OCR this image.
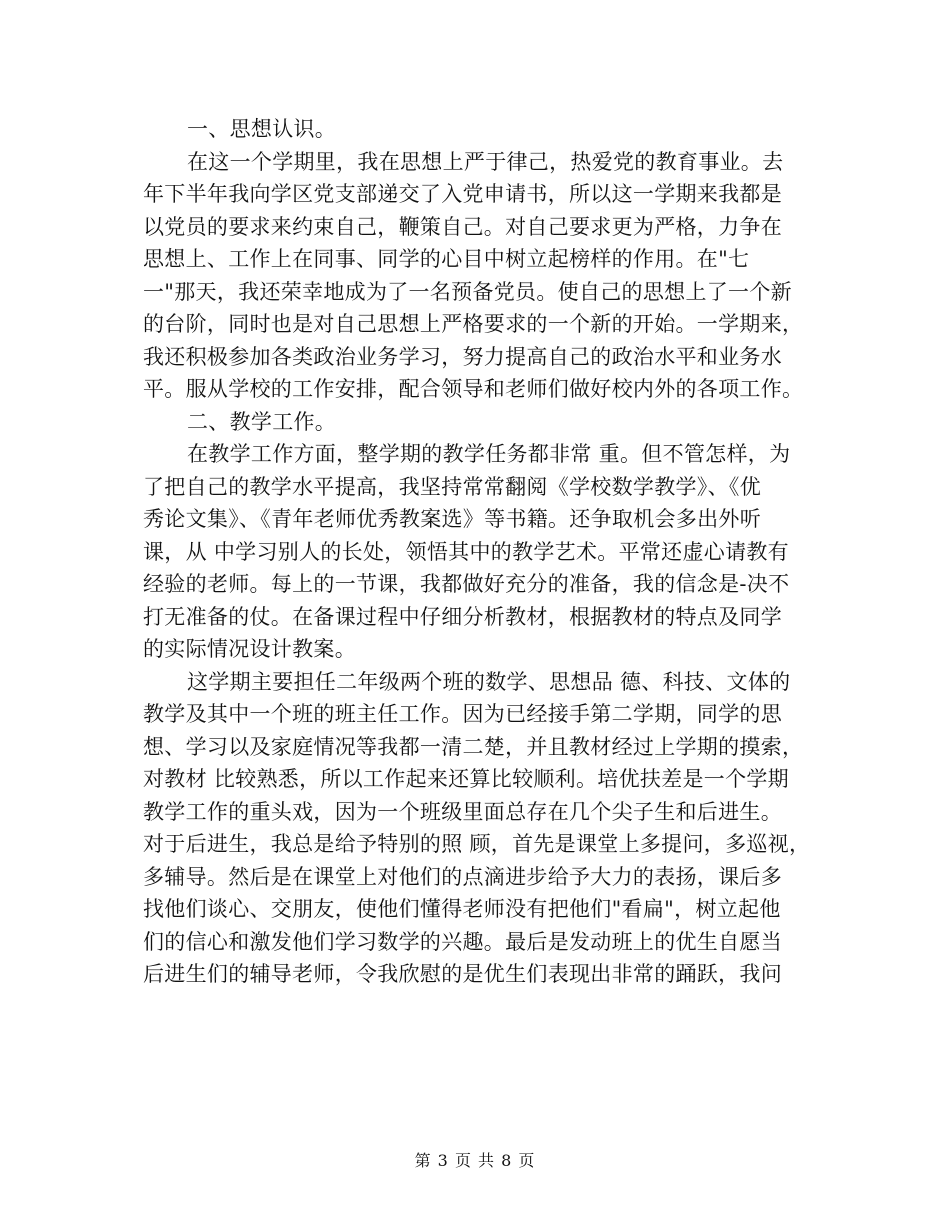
一、思想认识。
在这一个学期里，我在思想上严于律己，热爱党的教育事业。去
年下半年我向学区党支部递交了入党申请书，所以这一学期来我都是
以党员的要求来约束自己，鞭策自己。对自己要求更为严格，力争在
思想上、工作上在同事、同学的心目中树立起榜样的作用。在"七
一"那天，我还荣幸地成为了一名预备党员。使自己的思想上了一个新
的台阶，同时也是对自己思想上严格要求的一个新的开始。一学期来，
我还积极参加各类政治业务学习，努力提高自己的政治水平和业务水
平。服从学校的工作安排，配合领导和老师们做好校内外的各项工作。
二、教学工作。
在教学工作方面，整学期的教学任务都非常 重。但不管怎样，为
了把自己的教学水平提高，我坚持常常翻阅《学校数学教学》、《优
秀论文集》、《青年老师优秀教案选》等书籍。还争取机会多出外听
课，从 中学习别人的长处，领悟其中的教学艺术。平常还虚心请教有
经验的老师。每上的一节课，我都做好充分的准备，我的信念是-决不
打无准备的仗。在备课过程中仔细分析教材，根据教材的特点及同学
的实际情况设计教案。
这学期主要担任二年级两个班的数学、思想品 德、科技、文体的
教学及其中一个班的班主任工作。因为已经接手第二学期，同学的思
想、学习以及家庭情况等我都一清二楚，并且教材经过上学期的摸索，
对教材 比较熟悉，所以工作起来还算比较顺利。培优扶差是一个学期
教学工作的重头戏，因为一个班级里面总存在几个尖子生和后进生。
对于后进生，我总是给予特别的照 顾，首先是课堂上多提问，多巡视，
多辅导。然后是在课堂上对他们的点滴进步给予大力的表扬，课后多
找他们谈心、交朋友，使他们懂得老师没有把他们"看扁"，树立起他
们的信心和激发他们学习数学的兴趣。最后是发动班上的优生自愿当
后进生们的辅导老师，令我欣慰的是优生们表现出非常的踊跃，我问
第 3 页 共 8 页
